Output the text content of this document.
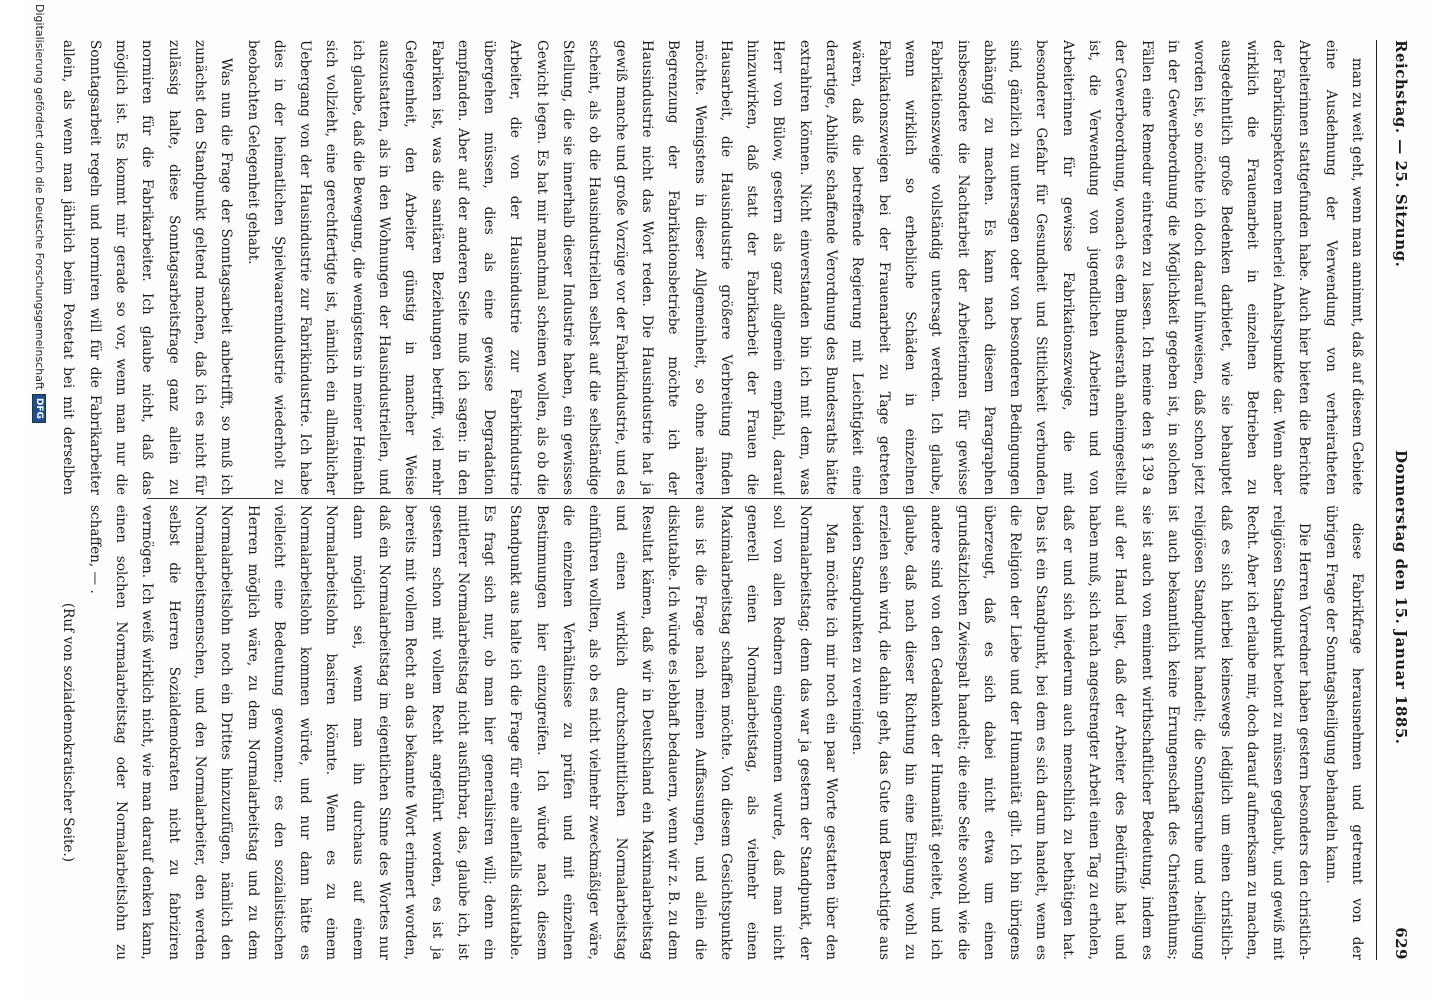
Reichstag. — 25. Sitzung.
Donnerstag den 15. Januar 1885.
629

man zu weit geht, wenn man annimmt, daß auf diesem Gebiete eine Ausdehnung der Verwendung von verheiratheten Arbeiterinnen stattgefunden habe. Auch hier bieten die Berichte der Fabrikinspektoren mancherlei Anhaltspunkte dar. Wenn aber wirklich die Frauenarbeit in einzelnen Betrieben zu ausgedehntlich große Bedenken darbietet, wie sie behauptet worden ist, so möchte ich doch darauf hinweisen, daß schon jetzt in der Gewerbeordnung die Möglichkeit gegeben ist, in solchen Fällen eine Remedur eintreten zu lassen. Ich meine den § 139 a der Gewerbeordnung, wonach es dem Bundesrath anheimgestellt ist, die Verwendung von jugendlichen Arbeitern und von Arbeiterinnen für gewisse Fabrikationszweige, die mit besonderer Gefahr für Gesundheit und Sittlichkeit verbunden sind, gänzlich zu untersagen oder von besonderen Bedingungen abhängig zu machen. Es kann nach diesem Paragraphen insbesondere die Nachtarbeit der Arbeiterinnen für gewisse Fabrikationszweige vollständig untersagt werden. Ich glaube, wenn wirklich so erhebliche Schäden in einzelnen Fabrikationszweigen bei der Frauenarbeit zu Tage getreten wären, daß die betreffende Regierung mit Leichtigkeit eine derartige, Abhilfe schaffende Verordnung des Bundesraths hätte extrahiren können. Nicht einverstanden bin ich mit dem, was Herr von Bülow, gestern als ganz allgemein empfahl, darauf hinzuwirken, daß statt der Fabrikarbeit der Frauen die Hausarbeit, die Hausindustrie größere Verbreitung finden möchte. Wenigstens in dieser Allgemeinheit, so ohne nähere Begrenzung der Fabrikationsbetriebe möchte ich der Hausindustrie nicht das Wort reden. Die Hausindustrie hat ja gewiß manche und große Vorzüge vor der Fabrikindustrie, und es scheint, als ob die Hausindustriellen selbst auf die selbständige Stellung, die sie innerhalb dieser Industrie haben, ein gewisses Gewicht legen. Es hat mir manchmal scheinen wollen, als ob die Arbeiter, die von der Hausindustrie zur Fabrikindustrie übergehen müssen, dies als eine gewisse Degradation empfanden. Aber auf der anderen Seite muß ich sagen: in den Fabriken ist, was die sanitären Beziehungen betrifft, viel mehr Gelegenheit, den Arbeiter günstig in mancher Weise auszustatten, als in den Wohnungen der Hausindustriellen, und ich glaube, daß die Bewegung, die wenigstens in meiner Heimath sich vollzieht, eine gerechtfertigte ist, nämlich ein allmählicher Uebergang von der Hausindustrie zur Fabrikindustrie. Ich habe dies in der heimatlichen Spielwaarenindustrie wiederholt zu beobachten Gelegenheit gehabt.

Was nun die Frage der Sonntagsarbeit anbetrifft, so muß ich zunächst den Standpunkt geltend machen, daß ich es nicht für zulässig halte, diese Sonntagsarbeitsfrage ganz allein zu normiren für die Fabrikarbeiter. Ich glaube nicht, daß das möglich ist. Es kommt mir gerade so vor, wenn man nur die Sonntagsarbeit regeln und normiren will für die Fabrikarbeiter allein, als wenn man jährlich beim Postetat bei mit derselben

diese Fabrikfrage herausnehmen und getrennt von der übrigen Frage der Sonntagsheiligung behandeln kann.

Die Herren Vorredner haben gestern besonders den christlich-religiösen Standpunkt betont zu müssen geglaubt, und gewiß mit Recht. Aber ich erlaube mir, doch darauf aufmerksam zu machen, daß es sich hierbei keineswegs lediglich um einen christlich-religiösen Standpunkt handelt; die Sonntagsruhe und -heiligung ist auch bekanntlich keine Errungenschaft des Christenthums; sie ist auch von eminent wirthschaftlicher Bedeutung, indem es auf der Hand liegt, daß der Arbeiter des Bedürfniß hat und haben muß, sich nach angestrengter Arbeit einen Tag zu erholen, daß er und sich wiederum auch menschlich zu bethätigen hat. Das ist ein Standpunkt, bei dem es sich darum handelt, wenn es die Religion der Liebe und der Humanität gilt. Ich bin übrigens überzeugt, daß es sich dabei nicht etwa um einen grundsätzlichen Zwiespalt handelt; die eine Seite sowohl wie die andere sind von den Gedanken der Humanität geleitet, und ich glaube, daß nach dieser Richtung hin eine Einigung wohl zu erzielen sein wird, die dahin geht, das Gute und Berechtigte aus beiden Standpunkten zu vereinigen.

Man möchte ich mir noch ein paar Worte gestatten über den Normalarbeitstag; denn das war ja gestern der Standpunkt, der soll von allen Rednern eingenommen wurde, daß man nicht generell einen Normalarbeitstag, als vielmehr einen Maximalarbeitstag schaffen möchte. Von diesem Gesichtspunkte aus ist die Frage nach meinen Auffassungen, und allein die diskutable. Ich würde es lebhaft bedauern, wenn wir z. B. zu dem Resultat kämen, daß wir in Deutschland ein Maximalarbeitstag und einen wirklich durchschnittlichen Normalarbeitstag einführen wollten, als ob es nicht vielmehr zweckmäßiger wäre, die einzelnen Verhältnisse zu prüfen und mit einzelnen Bestimmungen hier einzugreifen. Ich würde nach diesem Standpunkt aus halte ich die Frage für eine allenfalls diskutable. Es fragt sich nur, ob man hier generalisiren will; denn ein mittlerer Normalarbeitstag nicht ausführbar, das, glaube ich, ist gestern schon mit vollem Recht angeführt worden, es ist ja bereits mit vollem Recht an das bekannte Wort erinnert worden, daß ein Normalarbeitstag im eigentlichen Sinne des Wortes nur dann möglich sei, wenn man ihn durchaus auf einem Normalarbeitslohn basiren könnte. Wenn es zu einem Normalarbeitslohn kommen würde, und nur dann hätte es vielleicht eine Bedeutung gewonnen; es den sozialistischen Herren möglich wäre, zu dem Normalarbeitstag und zu dem Normalarbeitslohn noch ein Drittes hinzuzufügen, nämlich den Normalarbeitsmenschen, und den Normalarbeiter, den werden selbst die Herren Sozialdemokraten nicht zu fabriziren vermögen. Ich weiß wirklich nicht, wie man darauf denken kann, einen solchen Normalarbeitstag oder Normalarbeitslohn zu schaffen, — .

(Ruf von sozialdemokratischer Seite.)

Digitalisierung gefördert durch die Deutsche Forschungsgemeinschaft
DFG
